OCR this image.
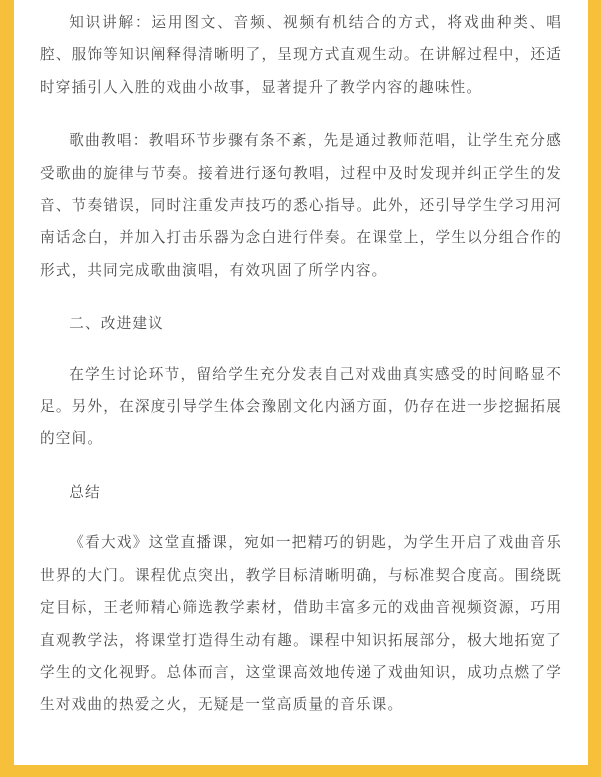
知识讲解：运用图文、音频、视频有机结合的方式，将戏曲种类、唱腔、服饰等知识阐释得清晰明了，呈现方式直观生动。在讲解过程中，还适时穿插引人入胜的戏曲小故事，显著提升了教学内容的趣味性。

歌曲教唱：教唱环节步骤有条不紊，先是通过教师范唱，让学生充分感受歌曲的旋律与节奏。接着进行逐句教唱，过程中及时发现并纠正学生的发音、节奏错误，同时注重发声技巧的悉心指导。此外，还引导学生学习用河南话念白，并加入打击乐器为念白进行伴奏。在课堂上，学生以分组合作的形式，共同完成歌曲演唱，有效巩固了所学内容。

二、改进建议

在学生讨论环节，留给学生充分发表自己对戏曲真实感受的时间略显不足。另外，在深度引导学生体会豫剧文化内涵方面，仍存在进一步挖掘拓展的空间。

总结

《看大戏》这堂直播课，宛如一把精巧的钥匙，为学生开启了戏曲音乐世界的大门。课程优点突出，教学目标清晰明确，与标准契合度高。围绕既定目标，王老师精心筛选教学素材，借助丰富多元的戏曲音视频资源，巧用直观教学法，将课堂打造得生动有趣。课程中知识拓展部分，极大地拓宽了学生的文化视野。总体而言，这堂课高效地传递了戏曲知识，成功点燃了学生对戏曲的热爱之火，无疑是一堂高质量的音乐课。
